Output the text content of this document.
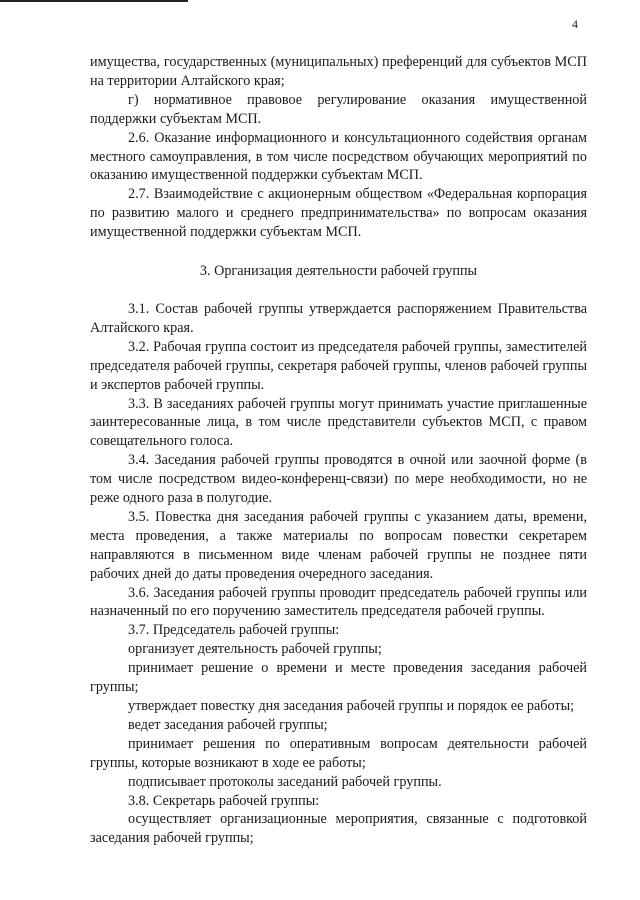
4

имущества, государственных (муниципальных) преференций для субъектов МСП на территории Алтайского края;

г) нормативное правовое регулирование оказания имущественной поддержки субъектам МСП.

2.6. Оказание информационного и консультационного содействия органам местного самоуправления, в том числе посредством обучающих мероприятий по оказанию имущественной поддержки субъектам МСП.

2.7. Взаимодействие с акционерным обществом «Федеральная корпорация по развитию малого и среднего предпринимательства» по вопросам оказания имущественной поддержки субъектам МСП.

3. Организация деятельности рабочей группы

3.1. Состав рабочей группы утверждается распоряжением Правительства Алтайского края.

3.2. Рабочая группа состоит из председателя рабочей группы, заместителей председателя рабочей группы, секретаря рабочей группы, членов рабочей группы и экспертов рабочей группы.

3.3. В заседаниях рабочей группы могут принимать участие приглашенные заинтересованные лица, в том числе представители субъектов МСП, с правом совещательного голоса.

3.4. Заседания рабочей группы проводятся в очной или заочной форме (в том числе посредством видео-конференц-связи) по мере необходимости, но не реже одного раза в полугодие.

3.5. Повестка дня заседания рабочей группы с указанием даты, времени, места проведения, а также материалы по вопросам повестки секретарем направляются в письменном виде членам рабочей группы не позднее пяти рабочих дней до даты проведения очередного заседания.

3.6. Заседания рабочей группы проводит председатель рабочей группы или назначенный по его поручению заместитель председателя рабочей группы.

3.7. Председатель рабочей группы:

организует деятельность рабочей группы;

принимает решение о времени и месте проведения заседания рабочей группы;

утверждает повестку дня заседания рабочей группы и порядок ее работы;

ведет заседания рабочей группы;

принимает решения по оперативным вопросам деятельности рабочей группы, которые возникают в ходе ее работы;

подписывает протоколы заседаний рабочей группы.

3.8. Секретарь рабочей группы:

осуществляет организационные мероприятия, связанные с подготовкой заседания рабочей группы;
